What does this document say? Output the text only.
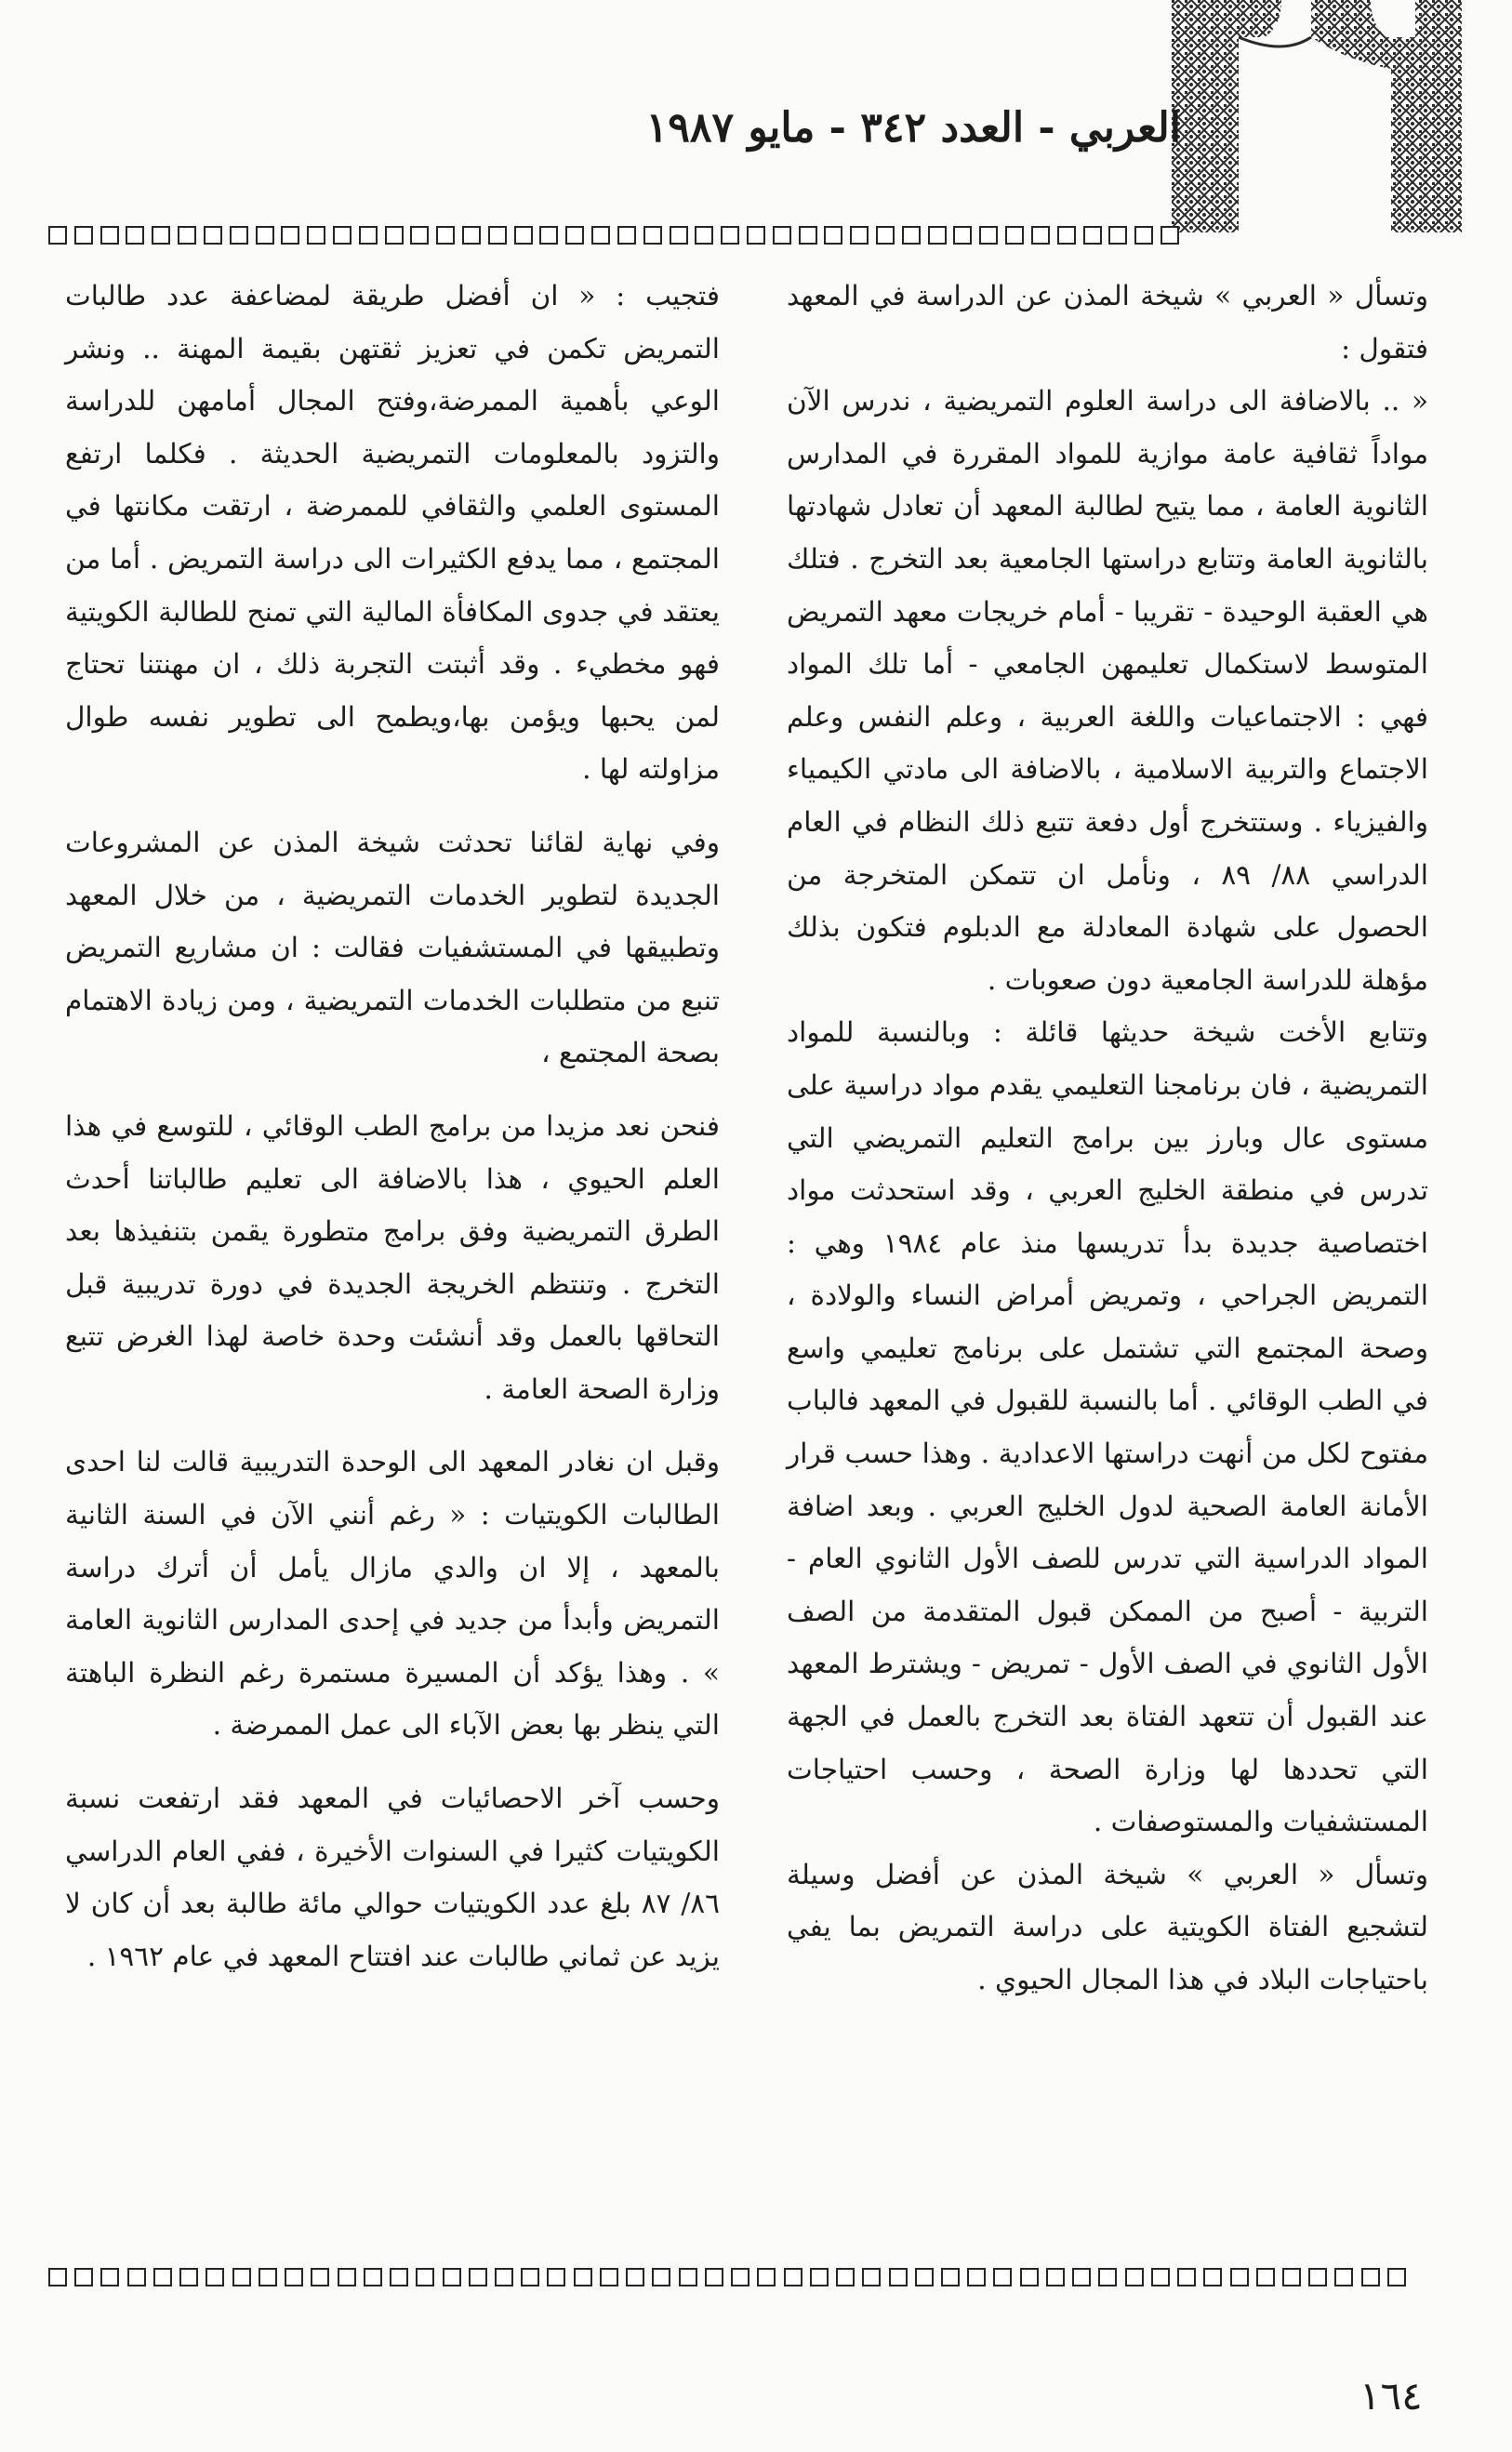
العربي - العدد ٣٤٢ - مايو ١٩٨٧

وتسأل « العربي » شيخة المذن عن الدراسة في المعهد فتقول :

« .. بالاضافة الى دراسة العلوم التمريضية ، ندرس الآن مواداً ثقافية عامة موازية للمواد المقررة في المدارس الثانوية العامة ، مما يتيح لطالبة المعهد أن تعادل شهادتها بالثانوية العامة وتتابع دراستها الجامعية بعد التخرج . فتلك هي العقبة الوحيدة - تقريبا - أمام خريجات معهد التمريض المتوسط لاستكمال تعليمهن الجامعي - أما تلك المواد فهي : الاجتماعيات واللغة العربية ، وعلم النفس وعلم الاجتماع والتربية الاسلامية ، بالاضافة الى مادتي الكيمياء والفيزياء . وستتخرج أول دفعة تتبع ذلك النظام في العام الدراسي ٨٨/ ٨٩ ، ونأمل ان تتمكن المتخرجة من الحصول على شهادة المعادلة مع الدبلوم فتكون بذلك مؤهلة للدراسة الجامعية دون صعوبات .

وتتابع الأخت شيخة حديثها قائلة : وبالنسبة للمواد التمريضية ، فان برنامجنا التعليمي يقدم مواد دراسية على مستوى عال وبارز بين برامج التعليم التمريضي التي تدرس في منطقة الخليج العربي ، وقد استحدثت مواد اختصاصية جديدة بدأ تدريسها منذ عام ١٩٨٤ وهي : التمريض الجراحي ، وتمريض أمراض النساء والولادة ، وصحة المجتمع التي تشتمل على برنامج تعليمي واسع في الطب الوقائي . أما بالنسبة للقبول في المعهد فالباب مفتوح لكل من أنهت دراستها الاعدادية . وهذا حسب قرار الأمانة العامة الصحية لدول الخليج العربي . وبعد اضافة المواد الدراسية التي تدرس للصف الأول الثانوي العام - التربية - أصبح من الممكن قبول المتقدمة من الصف الأول الثانوي في الصف الأول - تمريض - ويشترط المعهد عند القبول أن تتعهد الفتاة بعد التخرج بالعمل في الجهة التي تحددها لها وزارة الصحة ، وحسب احتياجات المستشفيات والمستوصفات .

وتسأل « العربي » شيخة المذن عن أفضل وسيلة لتشجيع الفتاة الكويتية على دراسة التمريض بما يفي باحتياجات البلاد في هذا المجال الحيوي .

فتجيب : « ان أفضل طريقة لمضاعفة عدد طالبات التمريض تكمن في تعزيز ثقتهن بقيمة المهنة .. ونشر الوعي بأهمية الممرضة،وفتح المجال أمامهن للدراسة والتزود بالمعلومات التمريضية الحديثة . فكلما ارتفع المستوى العلمي والثقافي للممرضة ، ارتقت مكانتها في المجتمع ، مما يدفع الكثيرات الى دراسة التمريض . أما من يعتقد في جدوى المكافأة المالية التي تمنح للطالبة الكويتية فهو مخطيء . وقد أثبتت التجربة ذلك ، ان مهنتنا تحتاج لمن يحبها ويؤمن بها،ويطمح الى تطوير نفسه طوال مزاولته لها .

وفي نهاية لقائنا تحدثت شيخة المذن عن المشروعات الجديدة لتطوير الخدمات التمريضية ، من خلال المعهد وتطبيقها في المستشفيات فقالت : ان مشاريع التمريض تنبع من متطلبات الخدمات التمريضية ، ومن زيادة الاهتمام بصحة المجتمع ،

فنحن نعد مزيدا من برامج الطب الوقائي ، للتوسع في هذا العلم الحيوي ، هذا بالاضافة الى تعليم طالباتنا أحدث الطرق التمريضية وفق برامج متطورة يقمن بتنفيذها بعد التخرج . وتنتظم الخريجة الجديدة في دورة تدريبية قبل التحاقها بالعمل وقد أنشئت وحدة خاصة لهذا الغرض تتبع وزارة الصحة العامة .

وقبل ان نغادر المعهد الى الوحدة التدريبية قالت لنا احدى الطالبات الكويتيات : « رغم أنني الآن في السنة الثانية بالمعهد ، إلا ان والدي مازال يأمل أن أترك دراسة التمريض وأبدأ من جديد في إحدى المدارس الثانوية العامة » . وهذا يؤكد أن المسيرة مستمرة رغم النظرة الباهتة التي ينظر بها بعض الآباء الى عمل الممرضة .

وحسب آخر الاحصائيات في المعهد فقد ارتفعت نسبة الكويتيات كثيرا في السنوات الأخيرة ، ففي العام الدراسي ٨٦/ ٨٧ بلغ عدد الكويتيات حوالي مائة طالبة بعد أن كان لا يزيد عن ثماني طالبات عند افتتاح المعهد في عام ١٩٦٢ .

١٦٤
